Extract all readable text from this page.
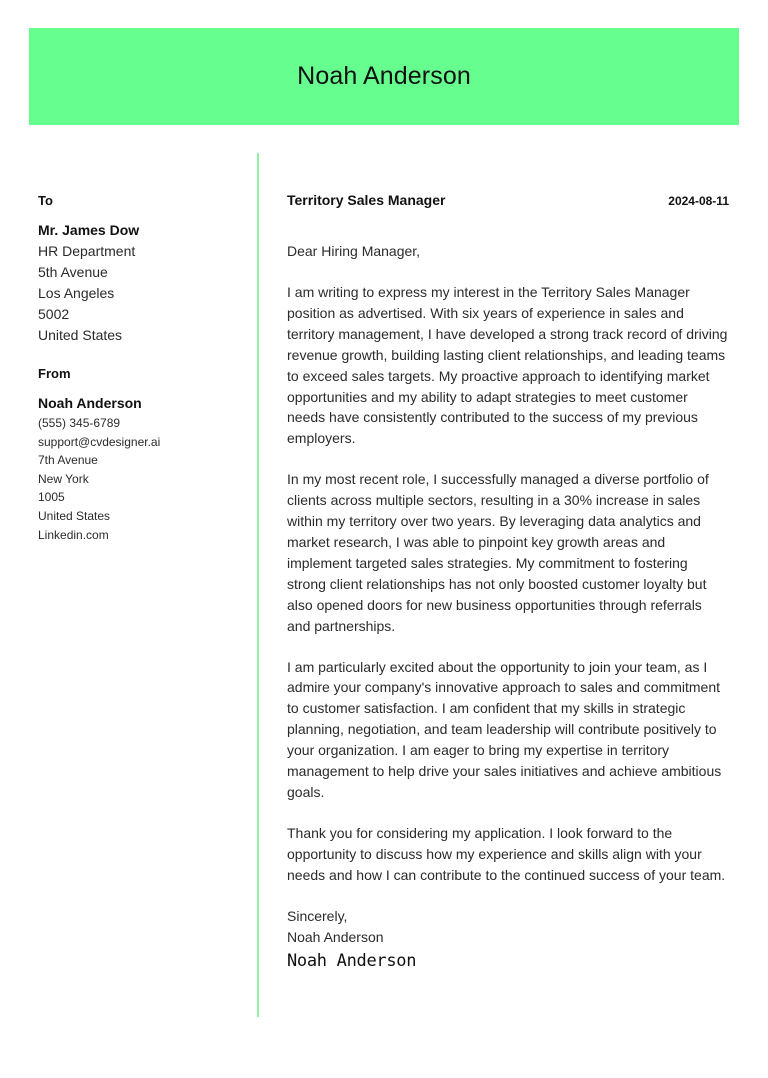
Noah Anderson
To
Mr. James Dow
HR Department
5th Avenue
Los Angeles
5002
United States
From
Noah Anderson
(555) 345-6789
support@cvdesigner.ai
7th Avenue
New York
1005
United States
Linkedin.com
Territory Sales Manager	2024-08-11
Dear Hiring Manager,
I am writing to express my interest in the Territory Sales Manager position as advertised. With six years of experience in sales and territory management, I have developed a strong track record of driving revenue growth, building lasting client relationships, and leading teams to exceed sales targets. My proactive approach to identifying market opportunities and my ability to adapt strategies to meet customer needs have consistently contributed to the success of my previous employers.
In my most recent role, I successfully managed a diverse portfolio of clients across multiple sectors, resulting in a 30% increase in sales within my territory over two years. By leveraging data analytics and market research, I was able to pinpoint key growth areas and implement targeted sales strategies. My commitment to fostering strong client relationships has not only boosted customer loyalty but also opened doors for new business opportunities through referrals and partnerships.
I am particularly excited about the opportunity to join your team, as I admire your company's innovative approach to sales and commitment to customer satisfaction. I am confident that my skills in strategic planning, negotiation, and team leadership will contribute positively to your organization. I am eager to bring my expertise in territory management to help drive your sales initiatives and achieve ambitious goals.
Thank you for considering my application. I look forward to the opportunity to discuss how my experience and skills align with your needs and how I can contribute to the continued success of your team.
Sincerely,
Noah Anderson
Noah Anderson
